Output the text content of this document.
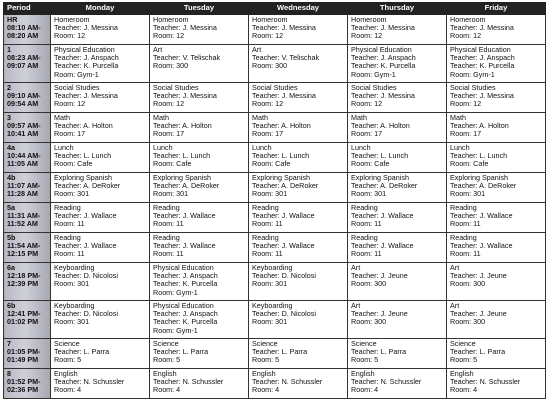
Period	Monday	Tuesday	Wednesday	Thursday	Friday

HR
08:10 AM-
08:20 AM	Homeroom
Teacher: J. Messina
Room: 12	Homeroom
Teacher: J. Messina
Room: 12	Homeroom
Teacher: J. Messina
Room: 12	Homeroom
Teacher: J. Messina
Room: 12	Homeroom
Teacher: J. Messina
Room: 12

1
08:23 AM-
09:07 AM	Physical Education
Teacher: J. Anspach
Teacher: K. Purcella
Room: Gym-1	Art
Teacher: V. Telischak
Room: 300	Art
Teacher: V. Telischak
Room: 300	Physical Education
Teacher: J. Anspach
Teacher: K. Purcella
Room: Gym-1	Physical Education
Teacher: J. Anspach
Teacher: K. Purcella
Room: Gym-1

2
09:10 AM-
09:54 AM	Social Studies
Teacher: J. Messina
Room: 12	Social Studies
Teacher: J. Messina
Room: 12	Social Studies
Teacher: J. Messina
Room: 12	Social Studies
Teacher: J. Messina
Room: 12	Social Studies
Teacher: J. Messina
Room: 12

3
09:57 AM-
10:41 AM	Math
Teacher: A. Holton
Room: 17	Math
Teacher: A. Holton
Room: 17	Math
Teacher: A. Holton
Room: 17	Math
Teacher: A. Holton
Room: 17	Math
Teacher: A. Holton
Room: 17

4a
10:44 AM-
11:05 AM	Lunch
Teacher: L. Lunch
Room: Cafe	Lunch
Teacher: L. Lunch
Room: Cafe	Lunch
Teacher: L. Lunch
Room: Cafe	Lunch
Teacher: L. Lunch
Room: Cafe	Lunch
Teacher: L. Lunch
Room: Cafe

4b
11:07 AM-
11:28 AM	Exploring Spanish
Teacher: A. DeRoker
Room: 301	Exploring Spanish
Teacher: A. DeRoker
Room: 301	Exploring Spanish
Teacher: A. DeRoker
Room: 301	Exploring Spanish
Teacher: A. DeRoker
Room: 301	Exploring Spanish
Teacher: A. DeRoker
Room: 301

5a
11:31 AM-
11:52 AM	Reading
Teacher: J. Wallace
Room: 11	Reading
Teacher: J. Wallace
Room: 11	Reading
Teacher: J. Wallace
Room: 11	Reading
Teacher: J. Wallace
Room: 11	Reading
Teacher: J. Wallace
Room: 11

5b
11:54 AM-
12:15 PM	Reading
Teacher: J. Wallace
Room: 11	Reading
Teacher: J. Wallace
Room: 11	Reading
Teacher: J. Wallace
Room: 11	Reading
Teacher: J. Wallace
Room: 11	Reading
Teacher: J. Wallace
Room: 11

6a
12:18 PM-
12:39 PM	Keyboarding
Teacher: D. Nicolosi
Room: 301	Physical Education
Teacher: J. Anspach
Teacher: K. Purcella
Room: Gym-1	Keyboarding
Teacher: D. Nicolosi
Room: 301	Art
Teacher: J. Jeune
Room: 300	Art
Teacher: J. Jeune
Room: 300

6b
12:41 PM-
01:02 PM	Keyboarding
Teacher: D. Nicolosi
Room: 301	Physical Education
Teacher: J. Anspach
Teacher: K. Purcella
Room: Gym-1	Keyboarding
Teacher: D. Nicolosi
Room: 301	Art
Teacher: J. Jeune
Room: 300	Art
Teacher: J. Jeune
Room: 300

7
01:05 PM-
01:49 PM	Science
Teacher: L. Parra
Room: 5	Science
Teacher: L. Parra
Room: 5	Science
Teacher: L. Parra
Room: 5	Science
Teacher: L. Parra
Room: 5	Science
Teacher: L. Parra
Room: 5

8
01:52 PM-
02:36 PM	English
Teacher: N. Schussler
Room: 4	English
Teacher: N. Schussler
Room: 4	English
Teacher: N. Schussler
Room: 4	English
Teacher: N. Schussler
Room: 4	English
Teacher: N. Schussler
Room: 4
